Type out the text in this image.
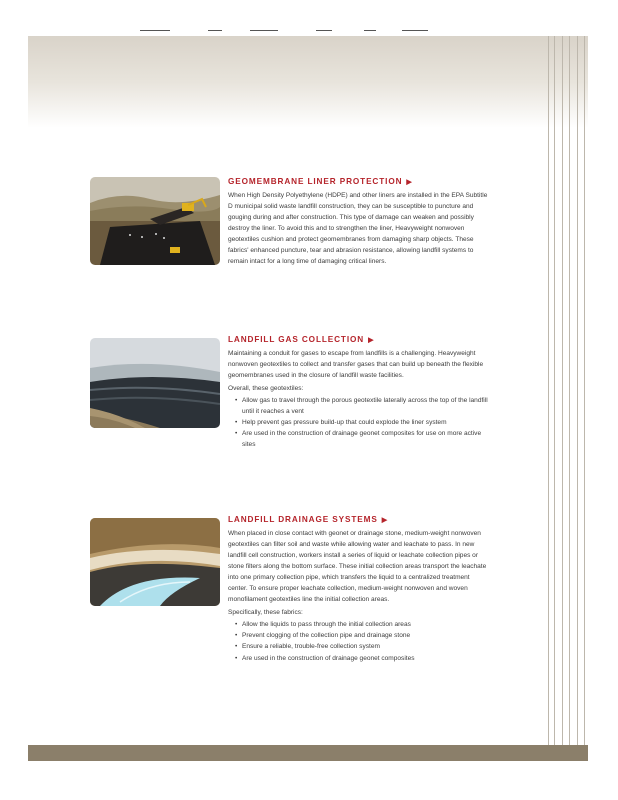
GEOMEMBRANE LINER PROTECTION ▶

When High Density Polyethylene (HDPE) and other liners are installed in the EPA Subtitle D municipal solid waste landfill construction, they can be susceptible to puncture and gouging during and after construction. This type of damage can weaken and possibly destroy the liner. To avoid this and to strengthen the liner, Heavyweight nonwoven geotextiles cushion and protect geomembranes from damaging sharp objects. These fabrics' enhanced puncture, tear and abrasion resistance, allowing landfill systems to remain intact for a long time of damaging critical liners.

LANDFILL GAS COLLECTION ▶

Maintaining a conduit for gases to escape from landfills is a challenging. Heavyweight nonwoven geotextiles to collect and transfer gases that can build up beneath the flexible geomembranes used in the closure of landfill waste facilities.

Overall, these geotextiles:

• Allow gas to travel through the porous geotextile laterally across the top of the landfill until it reaches a vent
• Help prevent gas pressure build-up that could explode the liner system
• Are used in the construction of drainage geonet composites for use on more active sites
LANDFILL DRAINAGE SYSTEMS ▶

When placed in close contact with geonet or drainage stone, medium-weight nonwoven geotextiles can filter soil and waste while allowing water and leachate to pass. In new landfill cell construction, workers install a series of liquid or leachate collection pipes or stone filters along the bottom surface. These initial collection areas transport the leachate into one primary collection pipe, which transfers the liquid to a centralized treatment center. To ensure proper leachate collection, medium-weight nonwoven and woven monofilament geotextiles line the initial collection areas.

Specifically, these fabrics:

• Allow the liquids to pass through the initial collection areas
• Prevent clogging of the collection pipe and drainage stone
• Ensure a reliable, trouble-free collection system
• Are used in the construction of drainage geonet composites
